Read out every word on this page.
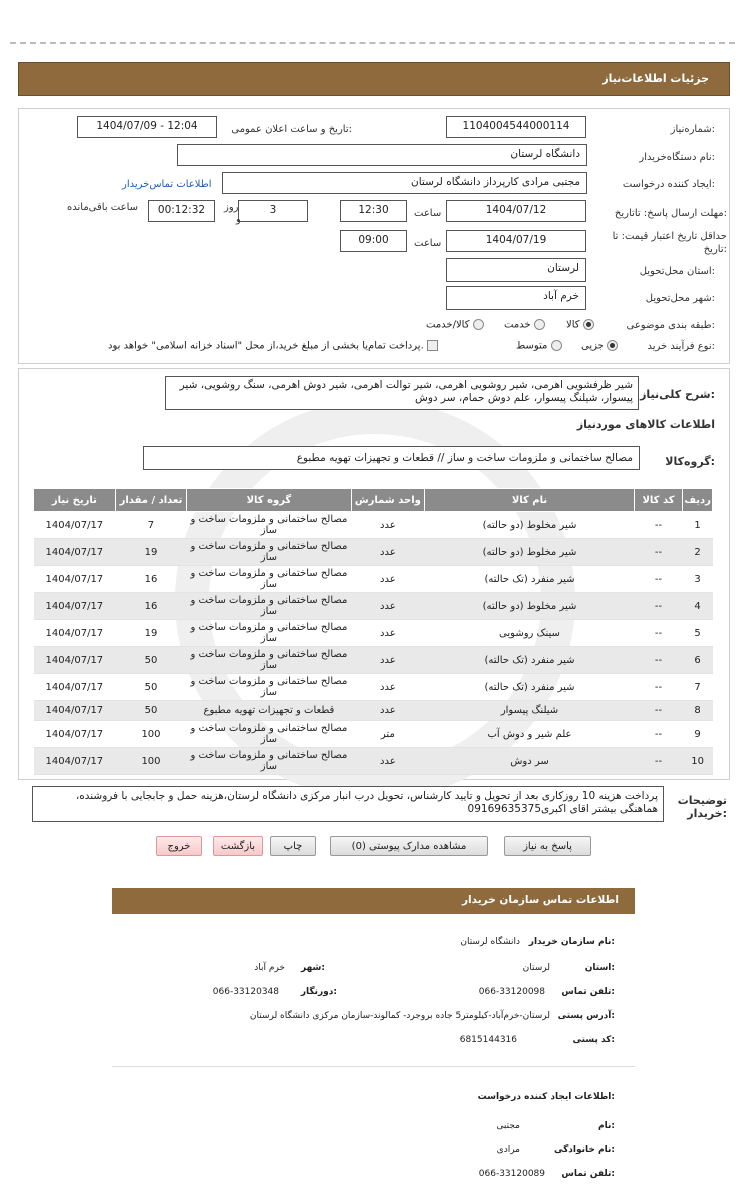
جزئیات اطلاعات‌نیاز
شماره‌نیاز:
1104004544000114
تاریخ و ساعت اعلان عمومی:
1404/07/09 - 12:04
نام دستگاه‌خریدار:
دانشگاه لرستان
ایجاد کننده درخواست:
مجتبی مرادی کارپرداز دانشگاه لرستان
اطلاعات تماس‌خریدار
مهلت ارسال پاسخ: تاتاریخ:
1404/07/12
ساعت
12:30
3
روز
و
00:12:32
ساعت باقی‌مانده
حداقل تاریخ اعتبار قیمت: تا تاریخ:
1404/07/19
ساعت
09:00
استان محل‌تحویل:
لرستان
شهر محل‌تحویل:
خرم آباد
طبقه بندی موضوعی:
کالا
خدمت
کالا/خدمت
نوع فرآیند خرید:
جزیی
متوسط
پرداخت تمام‌یا بخشی از مبلغ خرید،از محل "اسناد خزانه اسلامی" خواهد بود.
شرح کلی‌نیاز:
شیر ظرفشویی اهرمی، شیر روشویی اهرمی، شیر توالت اهرمی، شیر دوش اهرمی، سنگ روشویی، شیر پیسوار، شیلنگ پیسوار، علم دوش حمام، سر دوش
اطلاعات کالاهای موردنیاز
گروه‌کالا:
مصالح ساختمانی و ملزومات ساخت و ساز // قطعات و تجهیزات تهویه مطبوع
ردیف	کد کالا	نام کالا	واحد شمارش	گروه کالا	تعداد / مقدار	تاریخ نیاز
1	--	شیر مخلوط (دو حالته)	عدد	مصالح ساختمانی و ملزومات ساخت و ساز	7	1404/07/17
2	--	شیر مخلوط (دو حالته)	عدد	مصالح ساختمانی و ملزومات ساخت و ساز	19	1404/07/17
3	--	شیر منفرد (تک حالته)	عدد	مصالح ساختمانی و ملزومات ساخت و ساز	16	1404/07/17
4	--	شیر مخلوط (دو حالته)	عدد	مصالح ساختمانی و ملزومات ساخت و ساز	16	1404/07/17
5	--	سینک روشویی	عدد	مصالح ساختمانی و ملزومات ساخت و ساز	19	1404/07/17
6	--	شیر منفرد (تک حالته)	عدد	مصالح ساختمانی و ملزومات ساخت و ساز	50	1404/07/17
7	--	شیر منفرد (تک حالته)	عدد	مصالح ساختمانی و ملزومات ساخت و ساز	50	1404/07/17
8	--	شیلنگ پیسوار	عدد	قطعات و تجهیزات تهویه مطبوع	50	1404/07/17
9	--	علم شیر و دوش آب	متر	مصالح ساختمانی و ملزومات ساخت و ساز	100	1404/07/17
10	--	سر دوش	عدد	مصالح ساختمانی و ملزومات ساخت و ساز	100	1404/07/17
توضیحات خریدار:
پرداخت هزینه 10 روزکاری بعد از تحویل و تایید کارشناس، تحویل درب انبار مرکزی دانشگاه لرستان،هزینه حمل و جابجایی با فروشنده، هماهنگی بیشتر اقای اکبری09169635375
پاسخ به نیاز
مشاهده مدارک پیوستی (0)
چاپ
بازگشت
خروج
اطلاعات تماس سازمان خریدار
نام سازمان خریدار:
دانشگاه لرستان
استان:
لرستان
شهر:
خرم آباد
تلفن تماس:
066-33120098
دورنگار:
066-33120348
آدرس پستی:
لرستان-خرم‌آباد-کیلومتر5 جاده بروجرد- کمالوند-سازمان مرکزی دانشگاه لرستان
کد پستی:
6815144316
اطلاعات ایجاد کننده درخواست:
نام:
مجتبی
نام خانوادگی:
مرادی
تلفن تماس:
066-33120089
